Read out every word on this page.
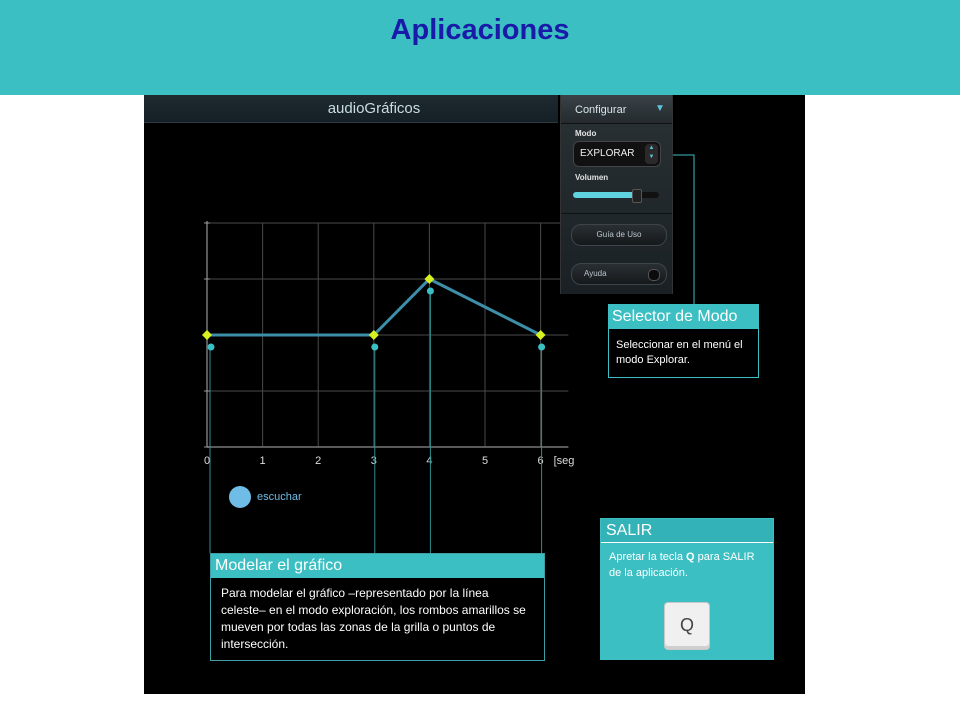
Aplicaciones
audioGráficos
0	1	2	3	4	5	6 [seg
escuchar
Configurar	▼
Modo
EXPLORAR	▲
▼
Volumen
Guía de Uso
Ayuda
Selector de Modo
Seleccionar en el menú el modo Explorar.
Modelar el gráfico
Para modelar el gráfico –representado por la línea celeste– en el modo exploración, los rombos amarillos se mueven por todas las zonas de la grilla o puntos de intersección.
SALIR
Apretar la tecla Q para SALIR de la aplicación.
Q
